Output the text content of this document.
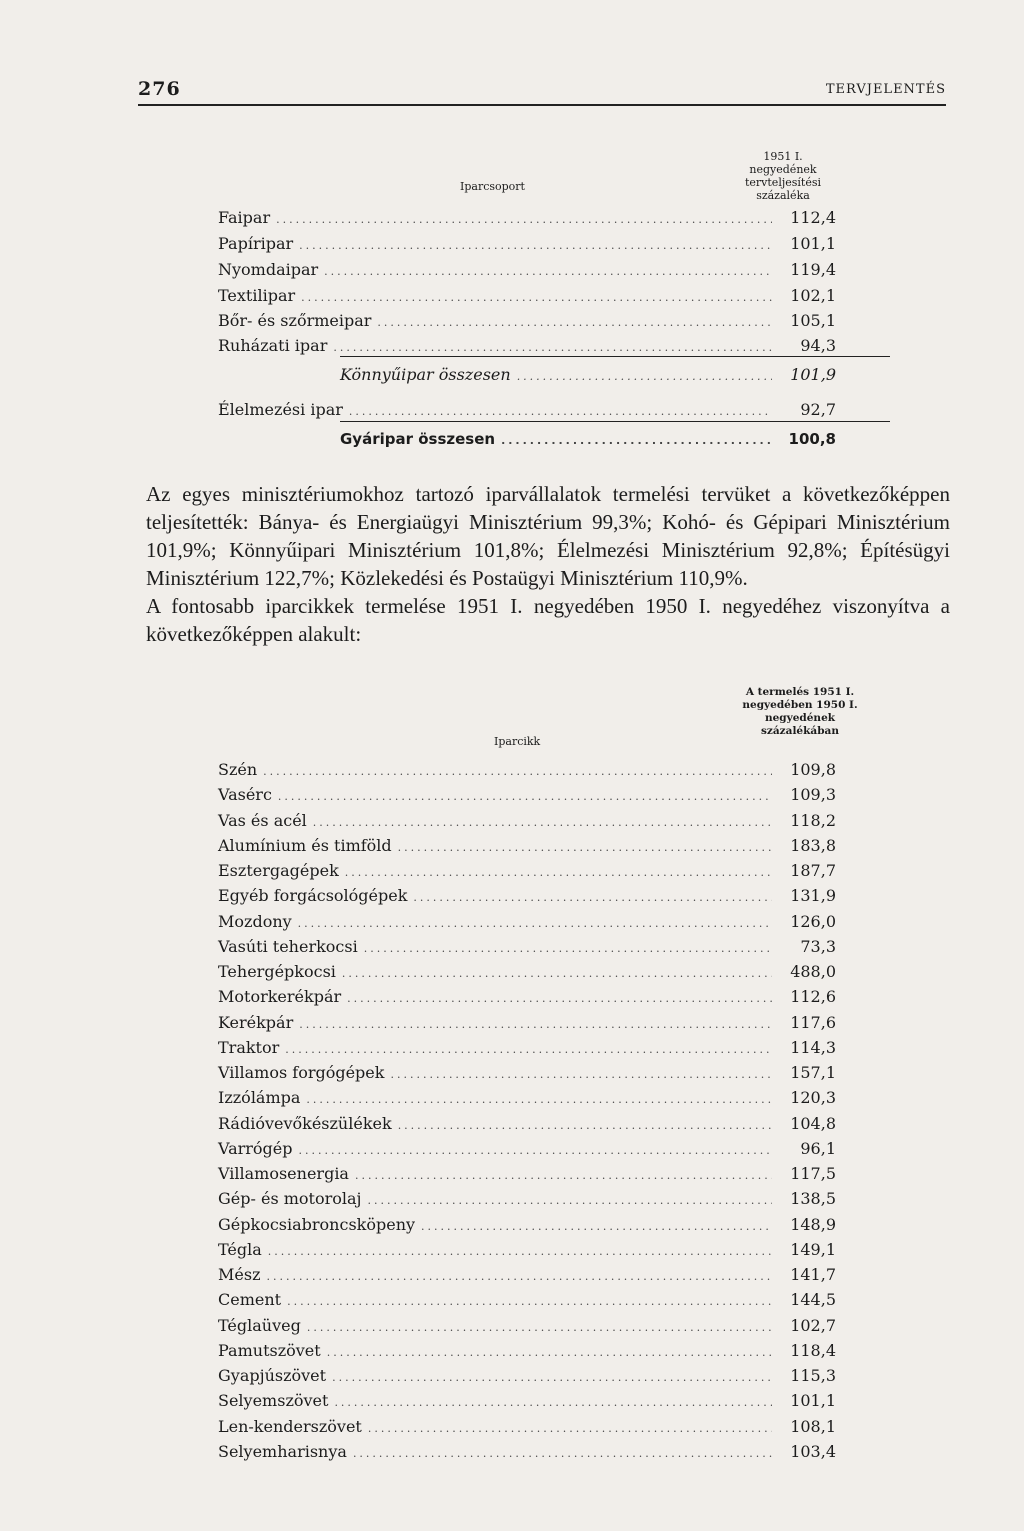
276	TERVJELENTÉS
Iparcsoport
1951 I. negyedének tervteljesítési százaléka
Faipar .....	112,4
Papíripar .....	101,1
Nyomdaipar .....	119,4
Textilipar .....	102,1
Bőr- és szőrmeipar .....	105,1
Ruházati ipar .....	94,3
Könnyűipar összesen .....	101,9
Élelmezési ipar .....	92,7
Gyáripar összesen .....	100,8

Az egyes minisztériumokhoz tartozó iparvállalatok termelési tervüket a következőképpen teljesítették: Bánya- és Energiaügyi Minisztérium 99,3%; Kohó- és Gépipari Minisztérium 101,9%; Könnyűipari Minisztérium 101,8%; Élelmezési Minisztérium 92,8%; Építésügyi Minisztérium 122,7%; Közlekedési és Postaügyi Minisztérium 110,9%.

A fontosabb iparcikkek termelése 1951 I. negyedében 1950 I. negyedéhez viszonyítva a következőképpen alakult:

Iparcikk
A termelés 1951 I. negyedében 1950 I. negyedének százalékában
Szén .....	109,8
Vasérc .....	109,3
Vas és acél .....	118,2
Alumínium és timföld .....	183,8
Esztergagépek .....	187,7
Egyéb forgácsológépek .....	131,9
Mozdony .....	126,0
Vasúti teherkocsi .....	73,3
Tehergépkocsi .....	488,0
Motorkerékpár .....	112,6
Kerékpár .....	117,6
Traktor .....	114,3
Villamos forgógépek .....	157,1
Izzólámpa .....	120,3
Rádióvevőkészülékek .....	104,8
Varrógép .....	96,1
Villamosenergia .....	117,5
Gép- és motorolaj .....	138,5
Gépkocsiabroncsköpeny .....	148,9
Tégla .....	149,1
Mész .....	141,7
Cement .....	144,5
Téglaüveg .....	102,7
Pamutszövet .....	118,4
Gyapjúszövet .....	115,3
Selyemszövet .....	101,1
Len-kenderszövet .....	108,1
Selyemharisnya .....	103,4
